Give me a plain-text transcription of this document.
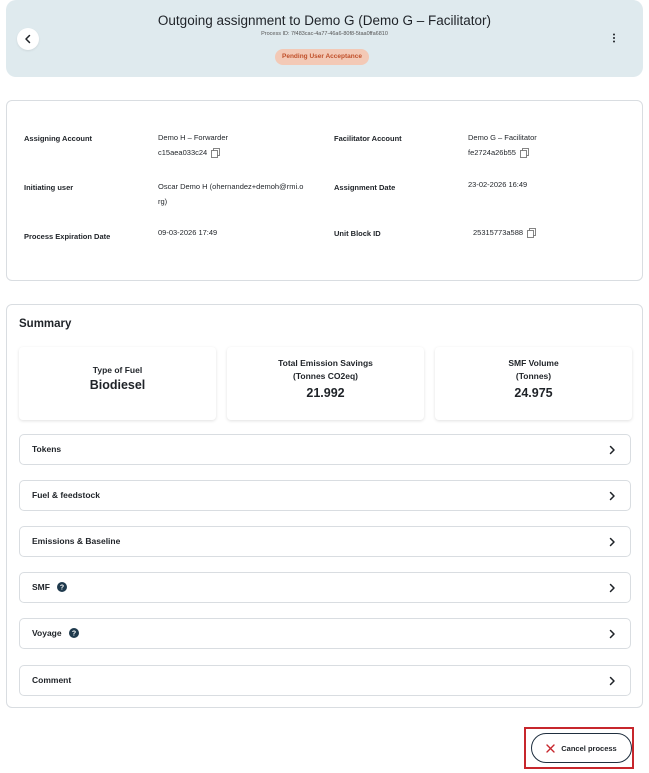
Outgoing assignment to Demo G (Demo G – Facilitator)
Process ID: 7f483cac-4a77-46a6-80f8-5taa0ffa6810
Pending User Acceptance
Assigning Account	Demo H – Forwarder
c15aea033c24
Facilitator Account	Demo G – Facilitator
fe2724a26b55
Initiating user	Oscar Demo H (ohernandez+demoh@rmi.o
rg)
Assignment Date	23-02-2026 16:49
Process Expiration Date	09-03-2026 17:49	Unit Block ID	25315773a588
Summary
Type of Fuel
Biodiesel
Total Emission Savings
(Tonnes CO2eq)
21.992
SMF Volume
(Tonnes)
24.975
Tokens
Fuel & feedstock
Emissions & Baseline
SMF ?
Voyage ?
Comment
Cancel process
